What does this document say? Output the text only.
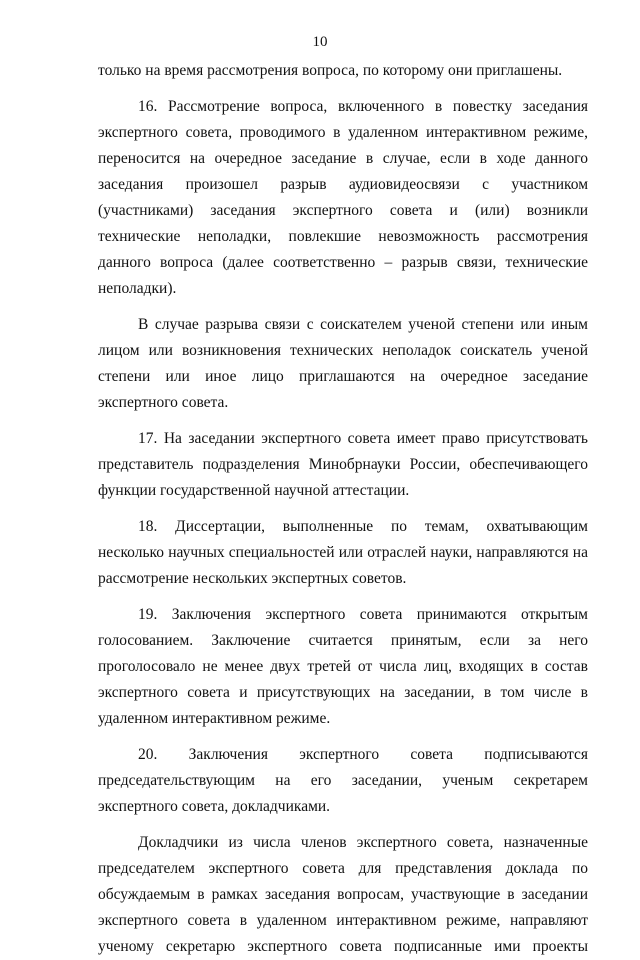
10

только на время рассмотрения вопроса, по которому они приглашены.

16. Рассмотрение вопроса, включенного в повестку заседания экспертного совета, проводимого в удаленном интерактивном режиме, переносится на очередное заседание в случае, если в ходе данного заседания произошел разрыв аудиовидеосвязи с участником (участниками) заседания экспертного совета и (или) возникли технические неполадки, повлекшие невозможность рассмотрения данного вопроса (далее соответственно – разрыв связи, технические неполадки).

В случае разрыва связи с соискателем ученой степени или иным лицом или возникновения технических неполадок соискатель ученой степени или иное лицо приглашаются на очередное заседание экспертного совета.

17. На заседании экспертного совета имеет право присутствовать представитель подразделения Минобрнауки России, обеспечивающего функции государственной научной аттестации.

18. Диссертации, выполненные по темам, охватывающим несколько научных специальностей или отраслей науки, направляются на рассмотрение нескольких экспертных советов.

19. Заключения экспертного совета принимаются открытым голосованием. Заключение считается принятым, если за него проголосовало не менее двух третей от числа лиц, входящих в состав экспертного совета и присутствующих на заседании, в том числе в удаленном интерактивном режиме.

20. Заключения экспертного совета подписываются председательствующим на его заседании, ученым секретарем экспертного совета, докладчиками.

Докладчики из числа членов экспертного совета, назначенные председателем экспертного совета для представления доклада по обсуждаемым в рамках заседания вопросам, участвующие в заседании экспертного совета в удаленном интерактивном режиме, направляют ученому секретарю экспертного совета подписанные ими проекты
